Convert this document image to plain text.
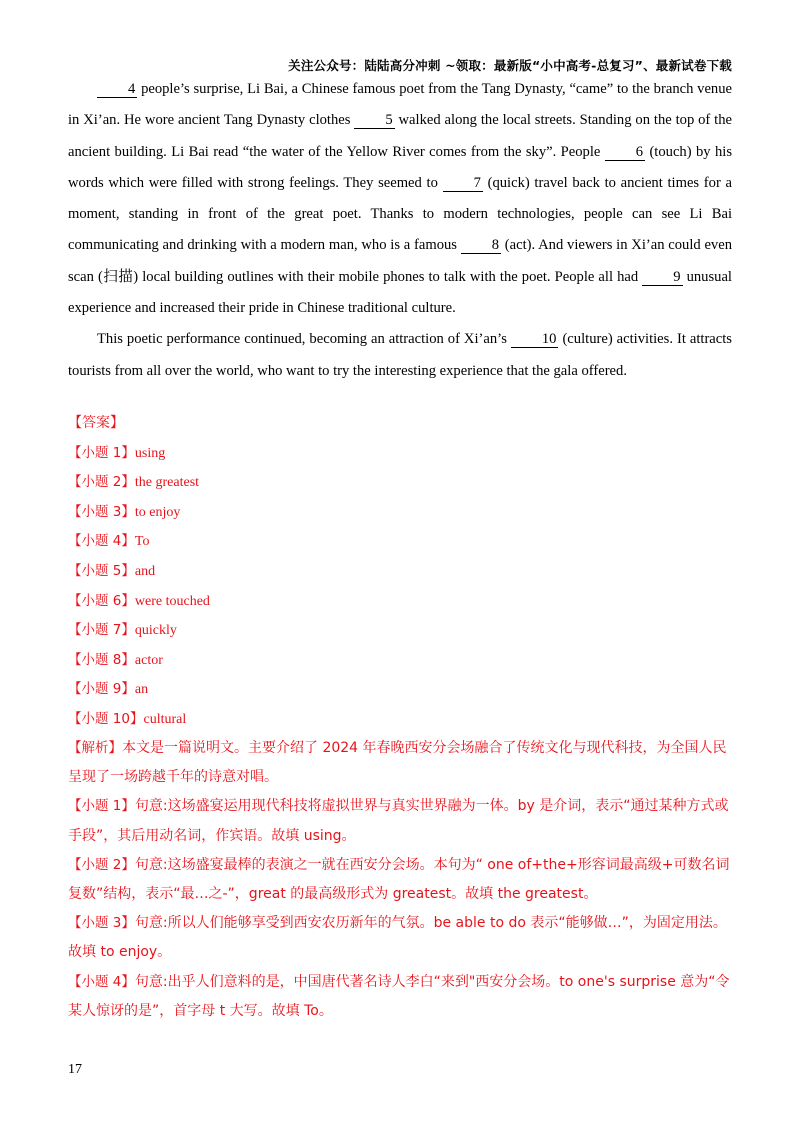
关注公众号：陆陆高分冲刺 ~领取：最新版“小中高考-总复习”、最新试卷下载

4 people’s surprise, Li Bai, a Chinese famous poet from the Tang Dynasty, “came” to the branch venue in Xi’an. He wore ancient Tang Dynasty clothes 5 walked along the local streets. Standing on the top of the ancient building. Li Bai read “the water of the Yellow River comes from the sky”. People 6 (touch) by his words which were filled with strong feelings. They seemed to 7 (quick) travel back to ancient times for a moment, standing in front of the great poet. Thanks to modern technologies, people can see Li Bai communicating and drinking with a modern man, who is a famous 8 (act). And viewers in Xi’an could even scan (扫描) local building outlines with their mobile phones to talk with the poet. People all had 9 unusual experience and increased their pride in Chinese traditional culture.

This poetic performance continued, becoming an attraction of Xi’an’s 10 (culture) activities. It attracts tourists from all over the world, who want to try the interesting experience that the gala offered.

【答案】
【小题 1】using
【小题 2】the greatest
【小题 3】to enjoy
【小题 4】To
【小题 5】and
【小题 6】were touched
【小题 7】quickly
【小题 8】actor
【小题 9】an
【小题 10】cultural

【解析】本文是一篇说明文。主要介绍了 2024 年春晚西安分会场融合了传统文化与现代科技，为全国人民呈现了一场跨越千年的诗意对唱。

【小题 1】句意:这场盛宴运用现代科技将虚拟世界与真实世界融为一体。by 是介词，表示“通过某种方式或手段”，其后用动名词，作宾语。故填 using。

【小题 2】句意:这场盛宴最棒的表演之一就在西安分会场。本句为“ one of+the+形容词最高级+可数名词复数”结构，表示“最…之-”，great 的最高级形式为 greatest。故填 the greatest。

【小题 3】句意:所以人们能够享受到西安农历新年的气氛。be able to do 表示“能够做…”，为固定用法。故填 to enjoy。

【小题 4】句意:出乎人们意料的是，中国唐代著名诗人李白“来到"西安分会场。to one's surprise 意为“令某人惊讶的是”，首字母 t 大写。故填 To。

17
